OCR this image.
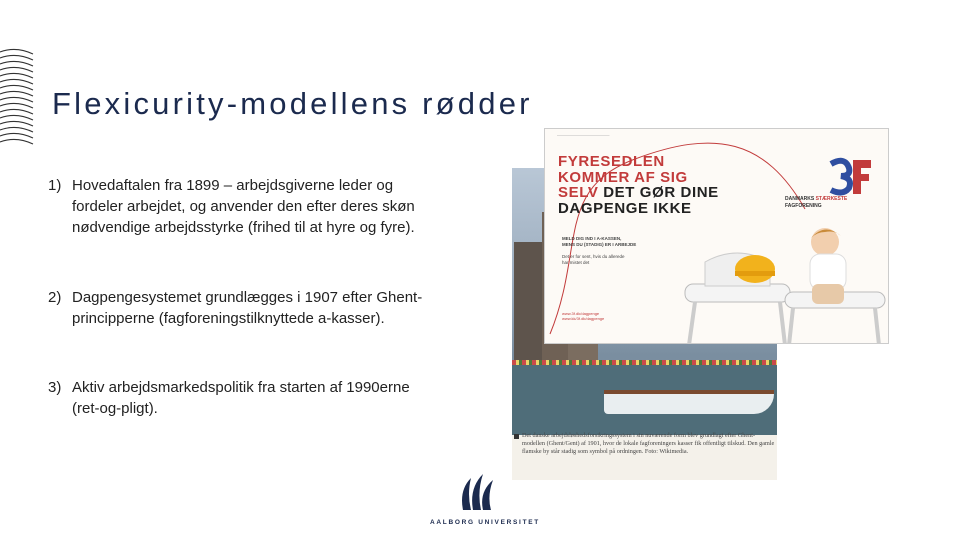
Flexicurity-modellens rødder
1) Hovedaftalen fra 1899 – arbejdsgiverne leder og
fordeler arbejdet, og anvender den efter deres skøn
nødvendige arbejdsstyrke (frihed til at hyre og fyre).
2) Dagpengesystemet grundlægges i 1907 efter Ghent-
principperne (fagforeningstilknyttede a-kasser).
3) Aktiv arbejdsmarkedspolitik fra starten af 1990erne
(ret-og-pligt).
Det danske arbejdsløshedsforsikringssystem i sin nuværende form blev grundlagt efter Ghent-modellen (Ghent/Gent) af 1901, hvor de lokale fagforeningers kasser fik offentligt tilskud. Den gamle flamske by står stadig som symbol på ordningen. Foto: Wikimedia.
———————————————
FYRESEDLEN
KOMMER AF SIG
SELV DET GØR DINE
DAGPENGE IKKE
MELD DIG IND I A-KASSEN,
MENS DU (STADIG) ER I ARBEJDE
Det er for sent, hvis du allerede
har mistet det
www.3f.dk/dagpenge
www.kk/3f.dk/dagpenge
DANMARKS STÆRKESTE
FAGFORENING
AALBORG UNIVERSITET
